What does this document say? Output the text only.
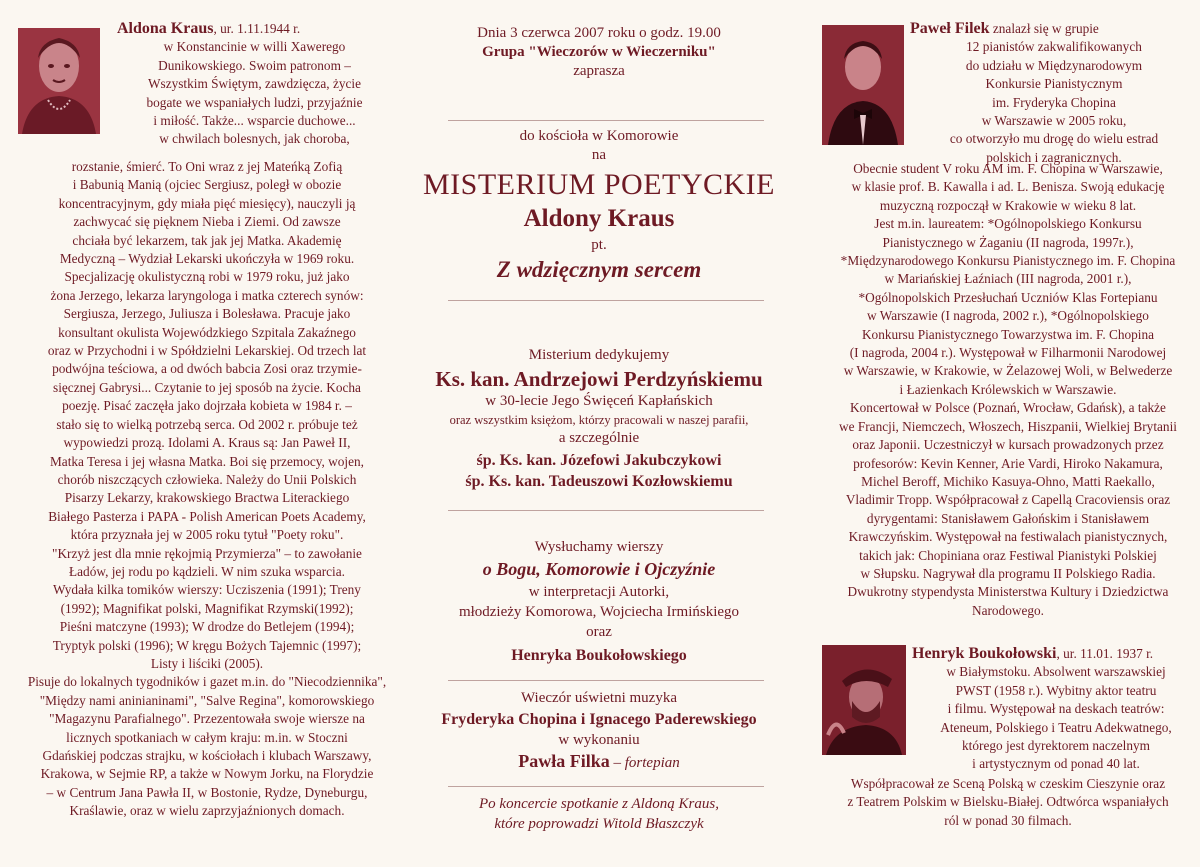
Aldona Kraus, ur. 1.11.1944 r.

w Konstancinie w willi Xawerego
Dunikowskiego. Swoim patronom –
Wszystkim Świętym, zawdzięcza, życie
bogate we wspaniałych ludzi, przyjaźnie
i miłość. Także... wsparcie duchowe...
w chwilach bolesnych, jak choroba,
rozstanie, śmierć. To Oni wraz z jej Mateńką Zofią
i Babunią Manią (ojciec Sergiusz, poległ w obozie
koncentracyjnym, gdy miała pięć miesięcy), nauczyli ją
zachwycać się pięknem Nieba i Ziemi. Od zawsze
chciała być lekarzem, tak jak jej Matka. Akademię
Medyczną – Wydział Lekarski ukończyła w 1969 roku.
Specjalizację okulistyczną robi w 1979 roku, już jako
żona Jerzego, lekarza laryngologa i matka czterech synów:
Sergiusza, Jerzego, Juliusza i Bolesława. Pracuje jako
konsultant okulista Wojewódzkiego Szpitala Zakaźnego
oraz w Przychodni i w Spółdzielni Lekarskiej. Od trzech lat
podwójna teściowa, a od dwóch babcia Zosi oraz trzymie-
sięcznej Gabrysi... Czytanie to jej sposób na życie. Kocha
poezję. Pisać zaczęła jako dojrzała kobieta w 1984 r. –
stało się to wielką potrzebą serca. Od 2002 r. próbuje też
wypowiedzi prozą. Idolami A. Kraus są: Jan Paweł II,
Matka Teresa i jej własna Matka. Boi się przemocy, wojen,
chorób niszczących człowieka. Należy do Unii Polskich
Pisarzy Lekarzy, krakowskiego Bractwa Literackiego
Białego Pasterza i PAPA - Polish American Poets Academy,
która przyznała jej w 2005 roku tytuł "Poety roku".
"Krzyż jest dla mnie rękojmią Przymierza" – to zawołanie
Ładów, jej rodu po kądzieli. W nim szuka wsparcia.
Wydała kilka tomików wierszy: Ucziszenia (1991); Treny
(1992); Magnifikat polski, Magnifikat Rzymski(1992);
Pieśni matczyne (1993); W drodze do Betlejem (1994);
Tryptyk polski (1996); W kręgu Bożych Tajemnic (1997);
Listy i liściki (2005).
Pisuje do lokalnych tygodników i gazet m.in. do "Niecodziennika",
"Między nami aninianinami", "Salve Regina", komorowskiego
"Magazynu Parafialnego". Przezentowała swoje wiersze na
licznych spotkaniach w całym kraju: m.in. w Stoczni
Gdańskiej podczas strajku, w kościołach i klubach Warszawy,
Krakowa, w Sejmie RP, a także w Nowym Jorku, na Florydzie
– w Centrum Jana Pawła II, w Bostonie, Rydze, Dyneburgu,
Kraślawie, oraz w wielu zaprzyjaźnionych domach.
Dnia 3 czerwca 2007 roku o godz. 19.00
Grupa "Wieczorów w Wieczerniku"
zaprasza
do kościoła w Komorowie
na
MISTERIUM POETYCKIE
Aldony Kraus
pt.
Z wdzięcznym sercem
Misterium dedykujemy
Ks. kan. Andrzejowi Perdzyńskiemu
w 30-lecie Jego Święceń Kapłańskich
oraz wszystkim księżom, którzy pracowali w naszej parafii,
a szczególnie
śp. Ks. kan. Józefowi Jakubczykowi
śp. Ks. kan. Tadeuszowi Kozłowskiemu
Wysłuchamy wierszy
o Bogu, Komorowie i Ojczyźnie
w interpretacji Autorki,
młodzieży Komorowa, Wojciecha Irmińskiego
oraz
Henryka Boukołowskiego
Wieczór uświetni muzyka
Fryderyka Chopina i Ignacego Paderewskiego
w wykonaniu
Pawła Filka – fortepian
Po koncercie spotkanie z Aldoną Kraus,
które poprowadzi Witold Błaszczyk

Paweł Filek znalazł się w grupie

12 pianistów zakwalifikowanych
do udziału w Międzynarodowym
Konkursie Pianistycznym
im. Fryderyka Chopina
w Warszawie w 2005 roku,
co otworzyło mu drogę do wielu estrad
polskich i zagranicznych.
Obecnie student V roku AM im. F. Chopina w Warszawie,
w klasie prof. B. Kawalla i ad. L. Benisza. Swoją edukację
muzyczną rozpoczął w Krakowie w wieku 8 lat.
Jest m.in. laureatem: *Ogólnopolskiego Konkursu
Pianistycznego w Żaganiu (II nagroda, 1997r.),
*Międzynarodowego Konkursu Pianistycznego im. F. Chopina
w Mariańskiej Łaźniach (III nagroda, 2001 r.),
*Ogólnopolskich Przesłuchań Uczniów Klas Fortepianu
w Warszawie (I nagroda, 2002 r.), *Ogólnopolskiego
Konkursu Pianistycznego Towarzystwa im. F. Chopina
(I nagroda, 2004 r.). Występował w Filharmonii Narodowej
w Warszawie, w Krakowie, w Żelazowej Woli, w Belwederze
i Łazienkach Królewskich w Warszawie.
Koncertował w Polsce (Poznań, Wrocław, Gdańsk), a także
we Francji, Niemczech, Włoszech, Hiszpanii, Wielkiej Brytanii
oraz Japonii. Uczestniczył w kursach prowadzonych przez
profesorów: Kevin Kenner, Arie Vardi, Hiroko Nakamura,
Michel Beroff, Michiko Kasuya-Ohno, Matti Raekallo,
Vladimir Tropp. Współpracował z Capellą Cracoviensis oraz
dyrygentami: Stanisławem Gałońskim i Stanisławem
Krawczyńskim. Występował na festiwalach pianistycznych,
takich jak: Chopiniana oraz Festiwal Pianistyki Polskiej
w Słupsku. Nagrywał dla programu II Polskiego Radia.
Dwukrotny stypendysta Ministerstwa Kultury i Dziedzictwa
Narodowego.

Henryk Boukołowski, ur. 11.01. 1937 r.

w Białymstoku. Absolwent warszawskiej
PWST (1958 r.). Wybitny aktor teatru
i filmu. Występował na deskach teatrów:
Ateneum, Polskiego i Teatru Adekwatnego,
którego jest dyrektorem naczelnym
i artystycznym od ponad 40 lat.
Współpracował ze Sceną Polską w czeskim Cieszynie oraz
z Teatrem Polskim w Bielsku-Białej. Odtwórca wspaniałych
ról w ponad 30 filmach.
